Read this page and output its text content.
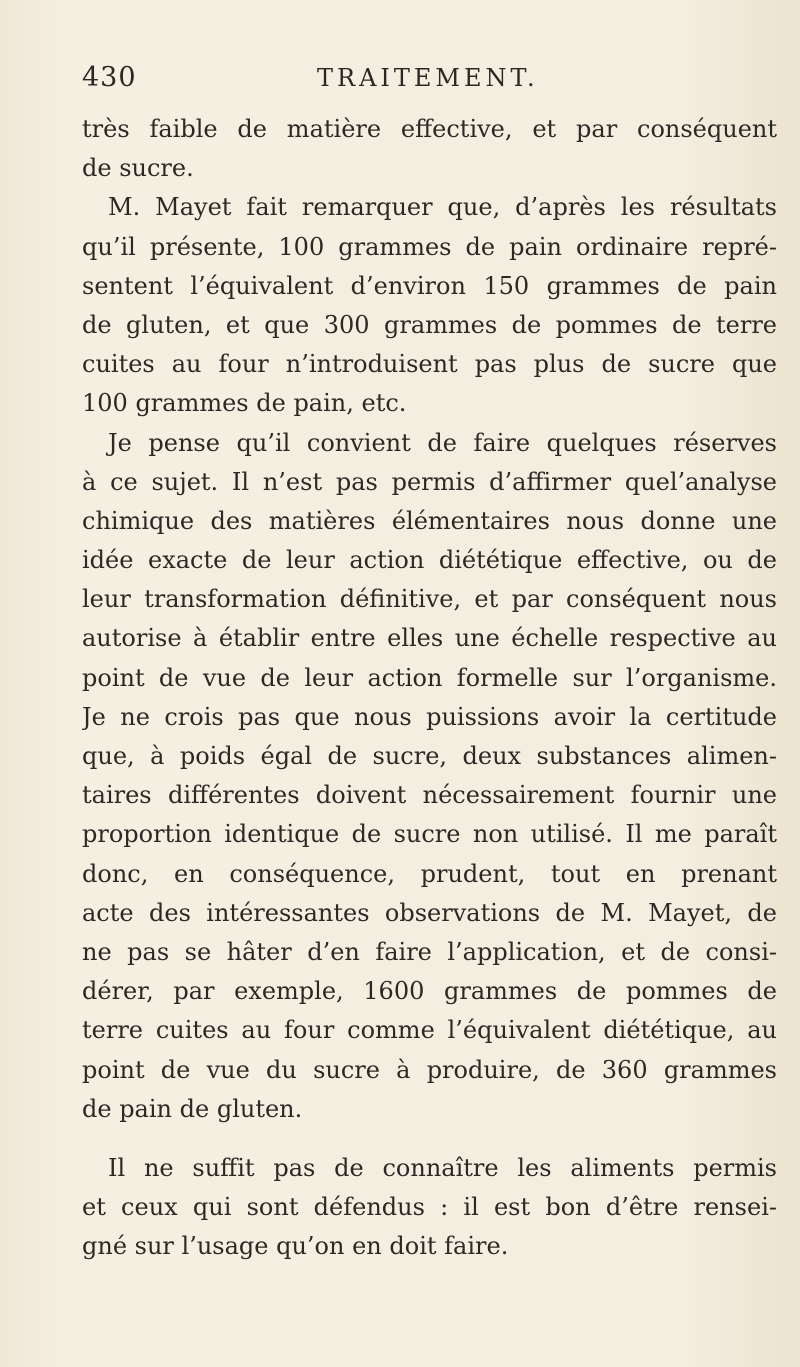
430	TRAITEMENT.
très faible de matière effective, et par conséquent
de sucre.
M. Mayet fait remarquer que, d’après les résultats
qu’il présente, 100 grammes de pain ordinaire repré-
sentent l’équivalent d’environ 150 grammes de pain
de gluten, et que 300 grammes de pommes de terre
cuites au four n’introduisent pas plus de sucre que
100 grammes de pain, etc.
Je pense qu’il convient de faire quelques réserves
à ce sujet. Il n’est pas permis d’affirmer quel’analyse
chimique des matières élémentaires nous donne une
idée exacte de leur action diététique effective, ou de
leur transformation définitive, et par conséquent nous
autorise à établir entre elles une échelle respective au
point de vue de leur action formelle sur l’organisme.
Je ne crois pas que nous puissions avoir la certitude
que, à poids égal de sucre, deux substances alimen-
taires différentes doivent nécessairement fournir une
proportion identique de sucre non utilisé. Il me paraît
donc, en conséquence, prudent, tout en prenant
acte des intéressantes observations de M. Mayet, de
ne pas se hâter d’en faire l’application, et de consi-
dérer, par exemple, 1600 grammes de pommes de
terre cuites au four comme l’équivalent diététique, au
point de vue du sucre à produire, de 360 grammes
de pain de gluten.
Il ne suffit pas de connaître les aliments permis
et ceux qui sont défendus : il est bon d’être rensei-
gné sur l’usage qu’on en doit faire.
